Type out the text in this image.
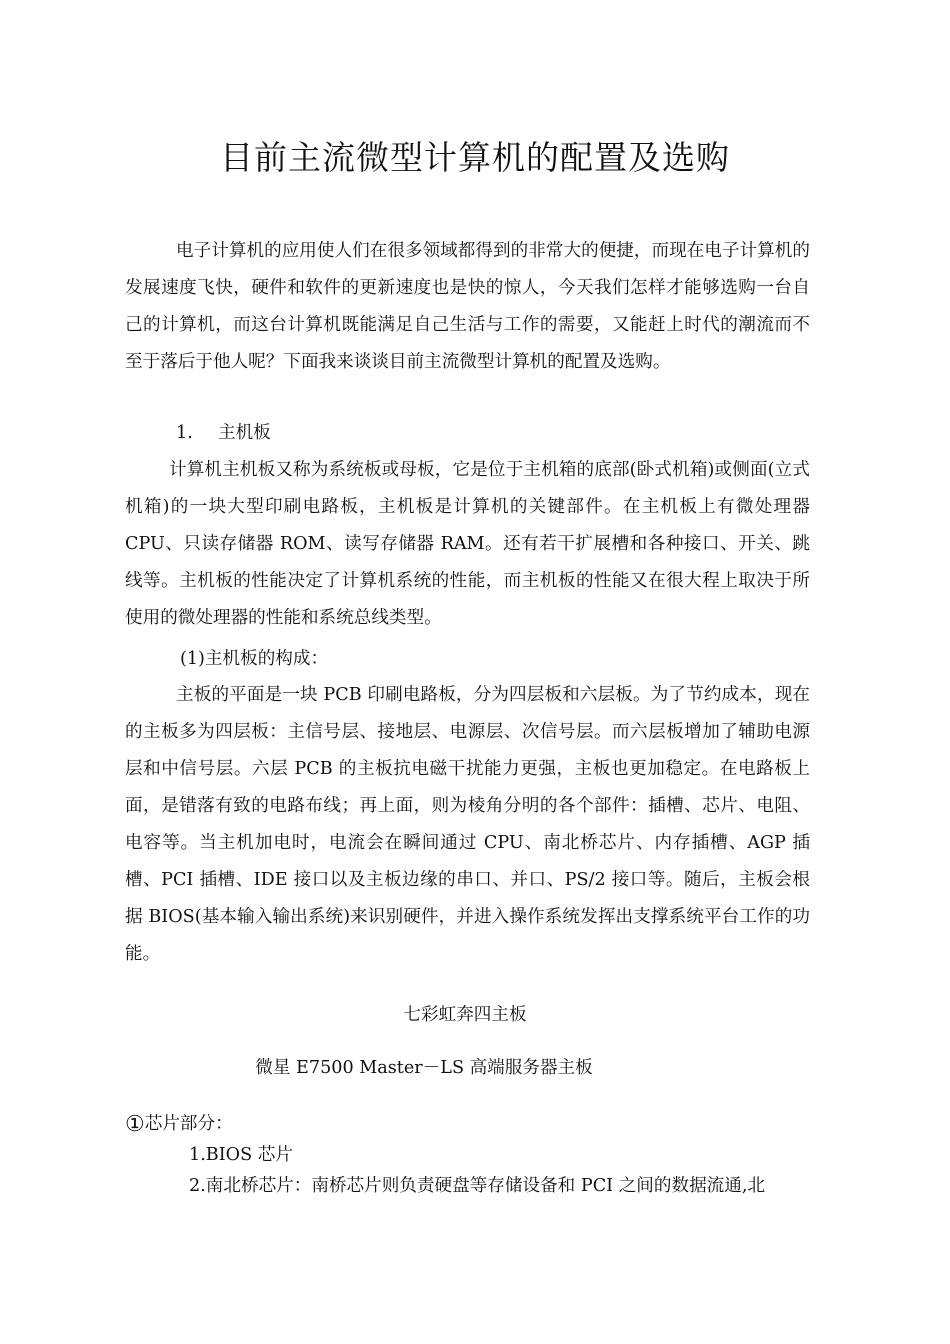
目前主流微型计算机的配置及选购

电子计算机的应用使人们在很多领域都得到的非常大的便捷，而现在电子计算机的发展速度飞快，硬件和软件的更新速度也是快的惊人，今天我们怎样才能够选购一台自己的计算机，而这台计算机既能满足自己生活与工作的需要，又能赶上时代的潮流而不至于落后于他人呢？下面我来谈谈目前主流微型计算机的配置及选购。

1. 主机板

计算机主机板又称为系统板或母板，它是位于主机箱的底部(卧式机箱)或侧面(立式机箱)的一块大型印刷电路板，主机板是计算机的关键部件。在主机板上有微处理器 CPU、只读存储器 ROM、读写存储器 RAM。还有若干扩展槽和各种接口、开关、跳线等。主机板的性能决定了计算机系统的性能，而主机板的性能又在很大程上取决于所使用的微处理器的性能和系统总线类型。

(1)主机板的构成：

主板的平面是一块 PCB 印刷电路板，分为四层板和六层板。为了节约成本，现在的主板多为四层板：主信号层、接地层、电源层、次信号层。而六层板增加了辅助电源层和中信号层。六层 PCB 的主板抗电磁干扰能力更强，主板也更加稳定。在电路板上面，是错落有致的电路布线；再上面，则为棱角分明的各个部件：插槽、芯片、电阻、电容等。当主机加电时，电流会在瞬间通过 CPU、南北桥芯片、内存插槽、AGP 插槽、PCI 插槽、IDE 接口以及主板边缘的串口、并口、PS/2 接口等。随后，主板会根据 BIOS(基本输入输出系统)来识别硬件，并进入操作系统发挥出支撑系统平台工作的功能。

七彩虹奔四主板
微星 E7500 Master－LS 高端服务器主板
①芯片部分：
1.BIOS 芯片
2.南北桥芯片：南桥芯片则负责硬盘等存储设备和 PCI 之间的数据流通,北
